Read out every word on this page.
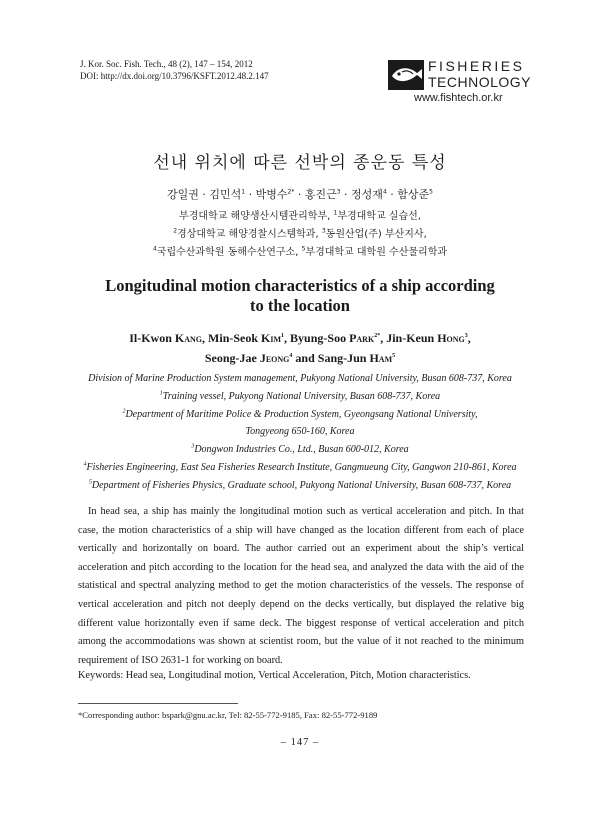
J. Kor. Soc. Fish. Tech., 48 (2), 147 – 154, 2012
DOI: http://dx.doi.org/10.3796/KSFT.2012.48.2.147
FISHERIES
TECHNOLOGY
www.fishtech.or.kr
선내 위치에 따른 선박의 종운동 특성
강일권 · 김민석$^1$ · 박병수$^{2*}$ · 홍진근$^3$ · 정성재$^4$ · 함상준$^5$
부경대학교 해양생산시템관리학부, $^1$부경대학교 실습선,
$^2$경상대학교 해양경찰시스템학과, $^3$동원산업(주) 부산지사,
$^4$국립수산과학원 동해수산연구소, $^5$부경대학교 대학원 수산물리학과
Longitudinal motion characteristics of a ship according
to the location
Il-Kwon Kang, Min-Seok Kim$^1$, Byung-Soo Park$^{2*}$, Jin-Keun Hong$^3$,
Seong-Jae Jeong$^4$ and Sang-Jun Ham$^5$
Division of Marine Production System management, Pukyong National University, Busan 608-737, Korea
$^1$Training vessel, Pukyong National University, Busan 608-737, Korea
$^2$Department of Maritime Police & Production System, Gyeongsang National University,
Tongyeong 650-160, Korea
$^3$Dongwon Industries Co., Ltd., Busan 600-012, Korea
$^4$Fisheries Engineering, East Sea Fisheries Research Institute, Gangmueung City, Gangwon 210-861, Korea
$^5$Department of Fisheries Physics, Graduate school, Pukyong National University, Busan 608-737, Korea
In head sea, a ship has mainly the longitudinal motion such as vertical acceleration and pitch. In that case, the motion characteristics of a ship will have changed as the location different from each of place vertically and horizontally on board. The author carried out an experiment about the ship’s vertical acceleration and pitch according to the location for the head sea, and analyzed the data with the aid of the statistical and spectral analyzing method to get the motion characteristics of the vessels. The response of vertical acceleration and pitch not deeply depend on the decks vertically, but displayed the relative big different value horizontally even if same deck. The biggest response of vertical acceleration and pitch among the accommodations was shown at scientist room, but the value of it not reached to the minimum requirement of ISO 2631-1 for working on board.
Keywords: Head sea, Longitudinal motion, Vertical Acceleration, Pitch, Motion characteristics.
*Corresponding author: bspark@gnu.ac.kr, Tel: 82-55-772-9185, Fax: 82-55-772-9189
– 147 –
